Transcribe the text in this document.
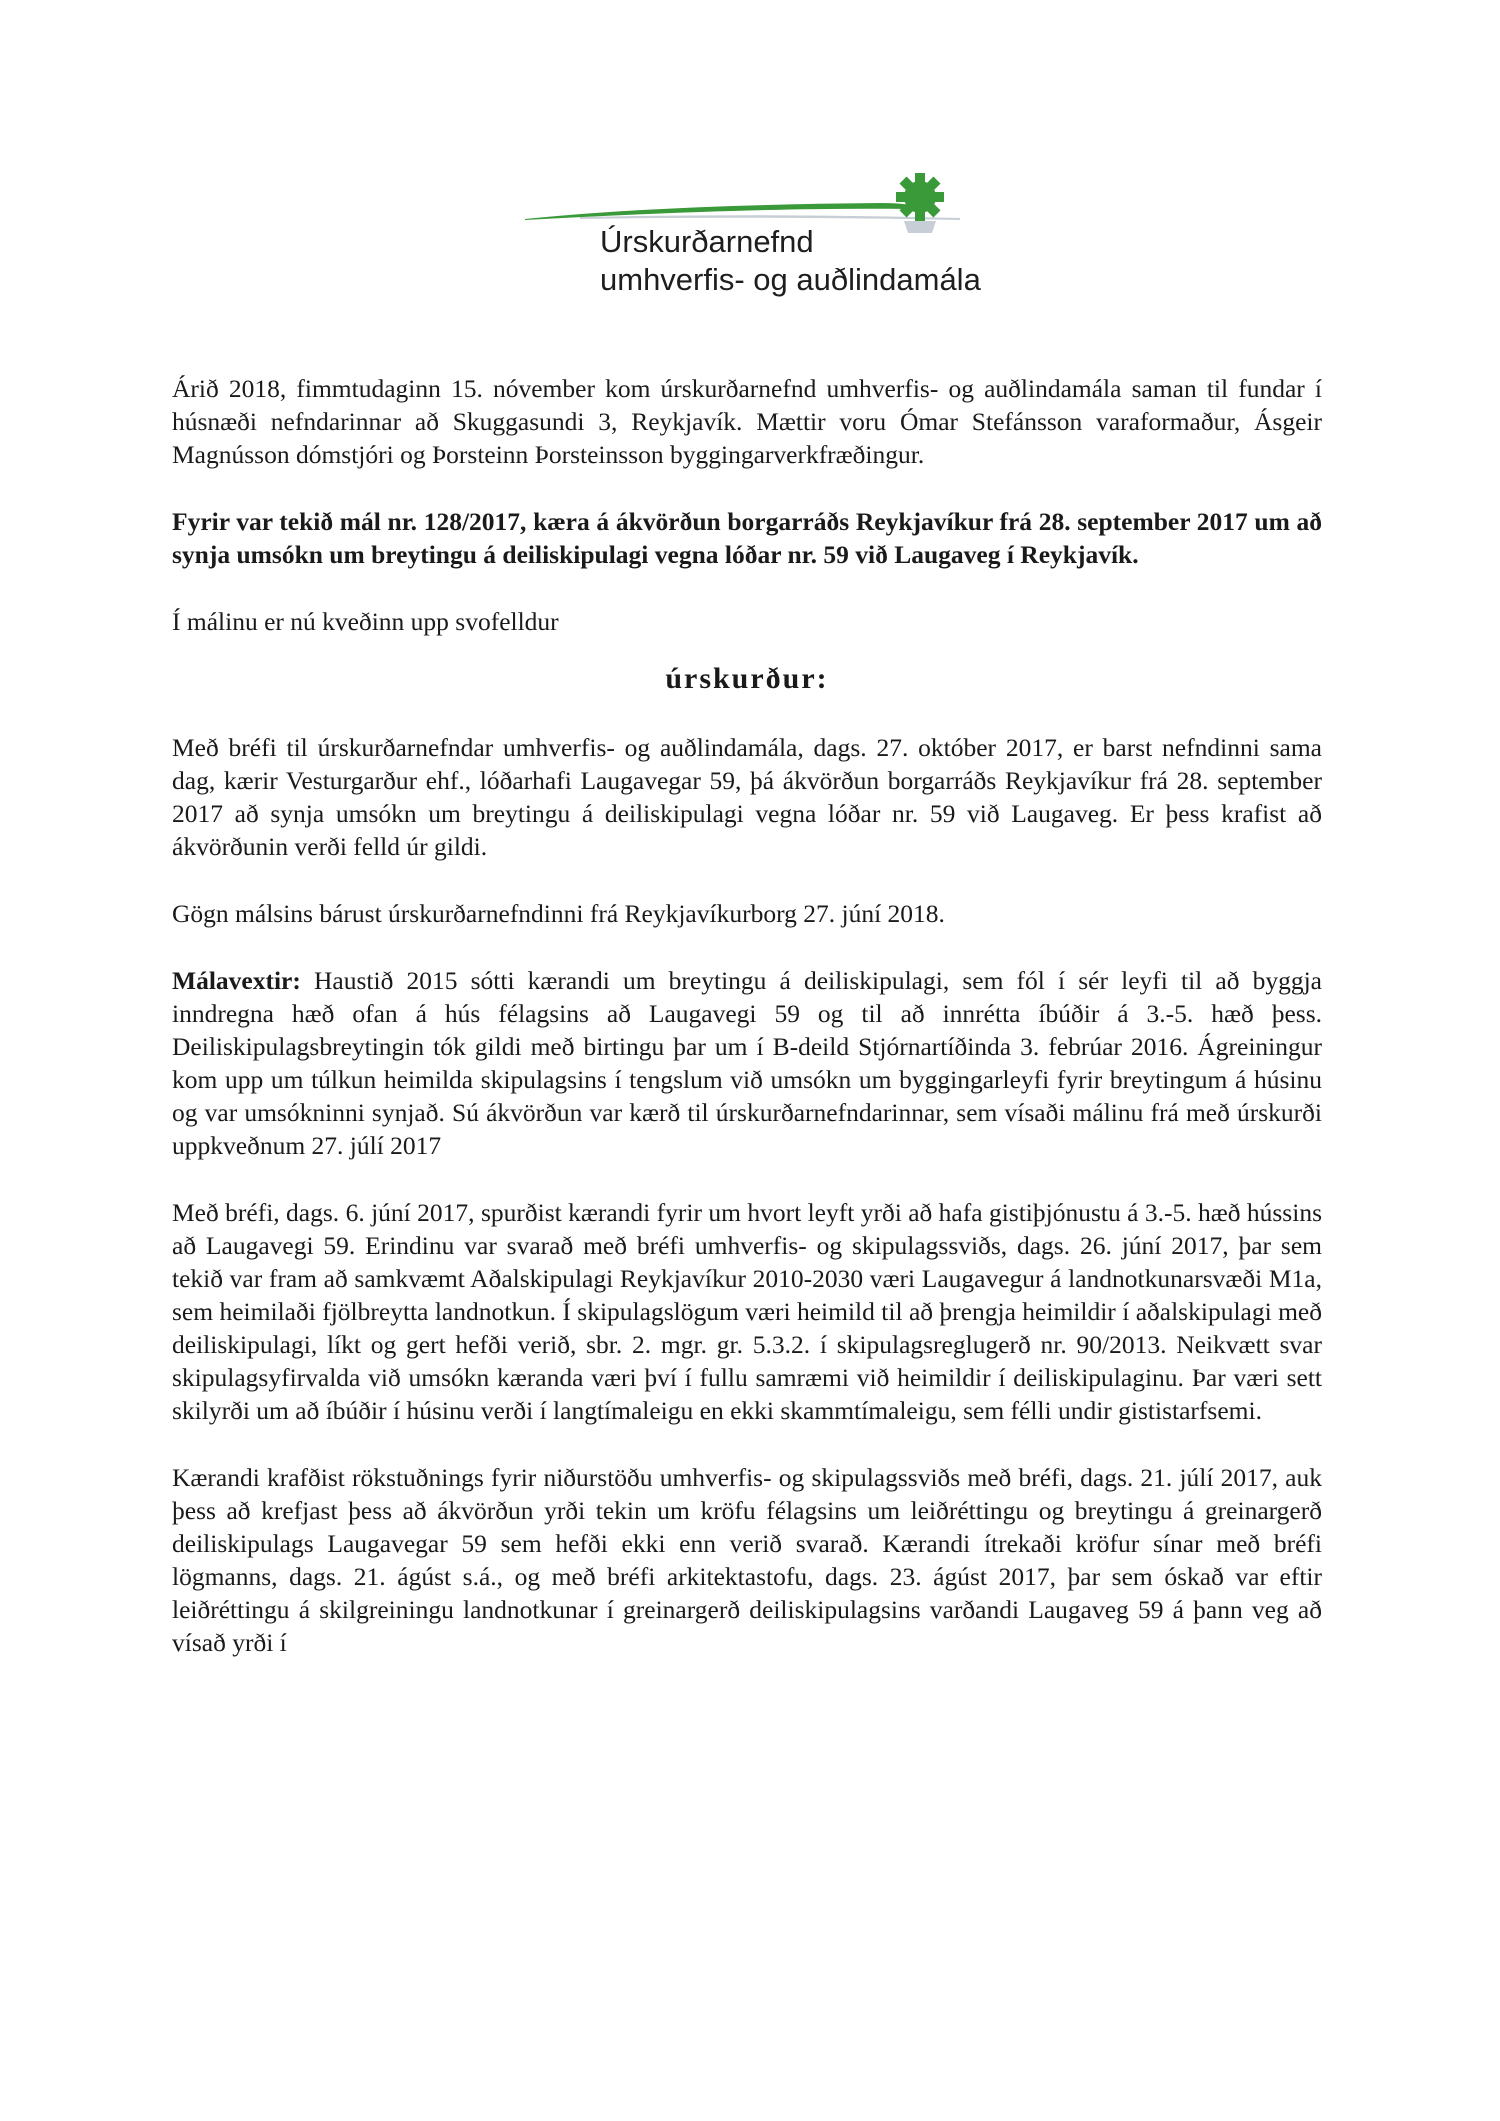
Úrskurðarnefnd
umhverfis- og auðlindamála

Árið 2018, fimmtudaginn 15. nóvember kom úrskurðarnefnd umhverfis- og auðlindamála saman til fundar í húsnæði nefndarinnar að Skuggasundi 3, Reykjavík. Mættir voru Ómar Stefánsson varaformaður, Ásgeir Magnússon dómstjóri og Þorsteinn Þorsteinsson byggingarverkfræðingur.

Fyrir var tekið mál nr. 128/2017, kæra á ákvörðun borgarráðs Reykjavíkur frá 28. september 2017 um að synja umsókn um breytingu á deiliskipulagi vegna lóðar nr. 59 við Laugaveg í Reykjavík.

Í málinu er nú kveðinn upp svofelldur

úrskurður:

Með bréfi til úrskurðarnefndar umhverfis- og auðlindamála, dags. 27. október 2017, er barst nefndinni sama dag, kærir Vesturgarður ehf., lóðarhafi Laugavegar 59, þá ákvörðun borgarráðs Reykjavíkur frá 28. september 2017 að synja umsókn um breytingu á deiliskipulagi vegna lóðar nr. 59 við Laugaveg. Er þess krafist að ákvörðunin verði felld úr gildi.

Gögn málsins bárust úrskurðarnefndinni frá Reykjavíkurborg 27. júní 2018.

Málavextir: Haustið 2015 sótti kærandi um breytingu á deiliskipulagi, sem fól í sér leyfi til að byggja inndregna hæð ofan á hús félagsins að Laugavegi 59 og til að innrétta íbúðir á 3.-5. hæð þess. Deiliskipulagsbreytingin tók gildi með birtingu þar um í B-deild Stjórnartíðinda 3. febrúar 2016. Ágreiningur kom upp um túlkun heimilda skipulagsins í tengslum við umsókn um byggingarleyfi fyrir breytingum á húsinu og var umsókninni synjað. Sú ákvörðun var kærð til úrskurðarnefndarinnar, sem vísaði málinu frá með úrskurði uppkveðnum 27. júlí 2017

Með bréfi, dags. 6. júní 2017, spurðist kærandi fyrir um hvort leyft yrði að hafa gistiþjónustu á 3.-5. hæð hússins að Laugavegi 59. Erindinu var svarað með bréfi umhverfis- og skipulagssviðs, dags. 26. júní 2017, þar sem tekið var fram að samkvæmt Aðalskipulagi Reykjavíkur 2010-2030 væri Laugavegur á landnotkunarsvæði M1a, sem heimilaði fjölbreytta landnotkun. Í skipulagslögum væri heimild til að þrengja heimildir í aðalskipulagi með deiliskipulagi, líkt og gert hefði verið, sbr. 2. mgr. gr. 5.3.2. í skipulagsreglugerð nr. 90/2013. Neikvætt svar skipulagsyfirvalda við umsókn kæranda væri því í fullu samræmi við heimildir í deiliskipulaginu. Þar væri sett skilyrði um að íbúðir í húsinu verði í langtímaleigu en ekki skammtímaleigu, sem félli undir gististarfsemi.

Kærandi krafðist rökstuðnings fyrir niðurstöðu umhverfis- og skipulagssviðs með bréfi, dags. 21. júlí 2017, auk þess að krefjast þess að ákvörðun yrði tekin um kröfu félagsins um leiðréttingu og breytingu á greinargerð deiliskipulags Laugavegar 59 sem hefði ekki enn verið svarað. Kærandi ítrekaði kröfur sínar með bréfi lögmanns, dags. 21. ágúst s.á., og með bréfi arkitektastofu, dags. 23. ágúst 2017, þar sem óskað var eftir leiðréttingu á skilgreiningu landnotkunar í greinargerð deiliskipulagsins varðandi Laugaveg 59 á þann veg að vísað yrði í
